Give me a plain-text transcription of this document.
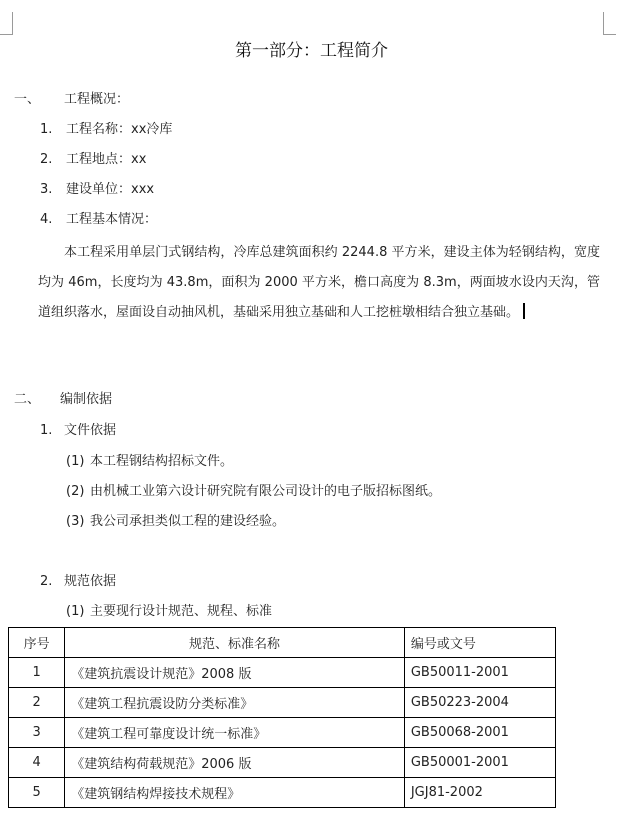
第一部分：工程简介
一、 工程概况：
1. 工程名称：xx冷库
2. 工程地点：xx
3. 建设单位：xxx
4. 工程基本情况：
本工程采用单层门式钢结构，冷库总建筑面积约 2244.8 平方米，建设主体为轻钢结构，宽度均为 46m，长度均为 43.8m，面积为 2000 平方米，檐口高度为 8.3m，两面坡水设内天沟，管道组织落水，屋面设自动抽风机，基础采用独立基础和人工挖桩墩相结合独立基础。
二、 编制依据
1. 文件依据
(1) 本工程钢结构招标文件。
(2) 由机械工业第六设计研究院有限公司设计的电子版招标图纸。
(3) 我公司承担类似工程的建设经验。
2. 规范依据
(1) 主要现行设计规范、规程、标准
序号	规范、标准名称	编号或文号
1	《建筑抗震设计规范》2008 版	GB50011-2001
2	《建筑工程抗震设防分类标准》	GB50223-2004
3	《建筑工程可靠度设计统一标准》	GB50068-2001
4	《建筑结构荷载规范》2006 版	GB50001-2001
5	《建筑钢结构焊接技术规程》	JGJ81-2002
